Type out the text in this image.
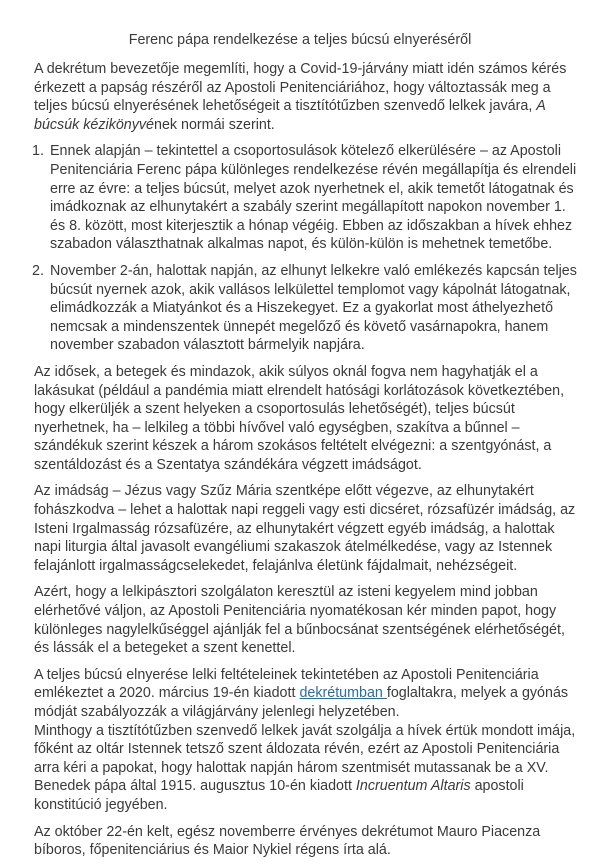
Ferenc pápa rendelkezése a teljes búcsú elnyeréséről

A dekrétum bevezetője megemlíti, hogy a Covid-19-járvány miatt idén számos kérés érkezett a papság részéről az Apostoli Penitenciáriához, hogy változtassák meg a teljes búcsú elnyerésének lehetőségeit a tisztítótűzben szenvedő lelkek javára, A búcsúk kézikönyvének normái szerint.

1. Ennek alapján – tekintettel a csoportosulások kötelező elkerülésére – az Apostoli Penitenciária Ferenc pápa különleges rendelkezése révén megállapítja és elrendeli erre az évre: a teljes búcsút, melyet azok nyerhetnek el, akik temetőt látogatnak és imádkoznak az elhunytakért a szabály szerint megállapított napokon november 1. és 8. között, most kiterjesztik a hónap végéig. Ebben az időszakban a hívek ehhez szabadon választhatnak alkalmas napot, és külön-külön is mehetnek temetőbe.
2. November 2-án, halottak napján, az elhunyt lelkekre való emlékezés kapcsán teljes búcsút nyernek azok, akik vallásos lelkülettel templomot vagy kápolnát látogatnak, elimádkozzák a Miatyánkot és a Hiszekegyet. Ez a gyakorlat most áthelyezhető nemcsak a mindenszentek ünnepét megelőző és követő vasárnapokra, hanem november szabadon választott bármelyik napjára.

Az idősek, a betegek és mindazok, akik súlyos oknál fogva nem hagyhatják el a lakásukat (például a pandémia miatt elrendelt hatósági korlátozások következtében, hogy elkerüljék a szent helyeken a csoportosulás lehetőségét), teljes búcsút nyerhetnek, ha – lelkileg a többi hívővel való egységben, szakítva a bűnnel – szándékuk szerint készek a három szokásos feltételt elvégezni: a szentgyónást, a szentáldozást és a Szentatya szándékára végzett imádságot.

Az imádság – Jézus vagy Szűz Mária szentképe előtt végezve, az elhunytakért fohászkodva – lehet a halottak napi reggeli vagy esti dicséret, rózsafüzér imádság, az Isteni Irgalmasság rózsafüzére, az elhunytakért végzett egyéb imádság, a halottak napi liturgia által javasolt evangéliumi szakaszok átelmélkedése, vagy az Istennek felajánlott irgalmasságcselekedet, felajánlva életünk fájdalmait, nehézségeit.

Azért, hogy a lelkipásztori szolgálaton keresztül az isteni kegyelem mind jobban elérhetővé váljon, az Apostoli Penitenciária nyomatékosan kér minden papot, hogy különleges nagylelkűséggel ajánlják fel a bűnbocsánat szentségének elérhetőségét, és lássák el a betegeket a szent kenettel.

A teljes búcsú elnyerése lelki feltételeinek tekintetében az Apostoli Penitenciária emlékeztet a 2020. március 19-én kiadott dekrétumban foglaltakra, melyek a gyónás módját szabályozzák a világjárvány jelenlegi helyzetében.
Minthogy a tisztítótűzben szenvedő lelkek javát szolgálja a hívek értük mondott imája, főként az oltár Istennek tetsző szent áldozata révén, ezért az Apostoli Penitenciária arra kéri a papokat, hogy halottak napján három szentmisét mutassanak be a XV. Benedek pápa által 1915. augusztus 10-én kiadott Incruentum Altaris apostoli konstitúció jegyében.

Az október 22-én kelt, egész novemberre érvényes dekrétumot Mauro Piacenza bíboros, főpenitenciárius és Maior Nykiel régens írta alá.
